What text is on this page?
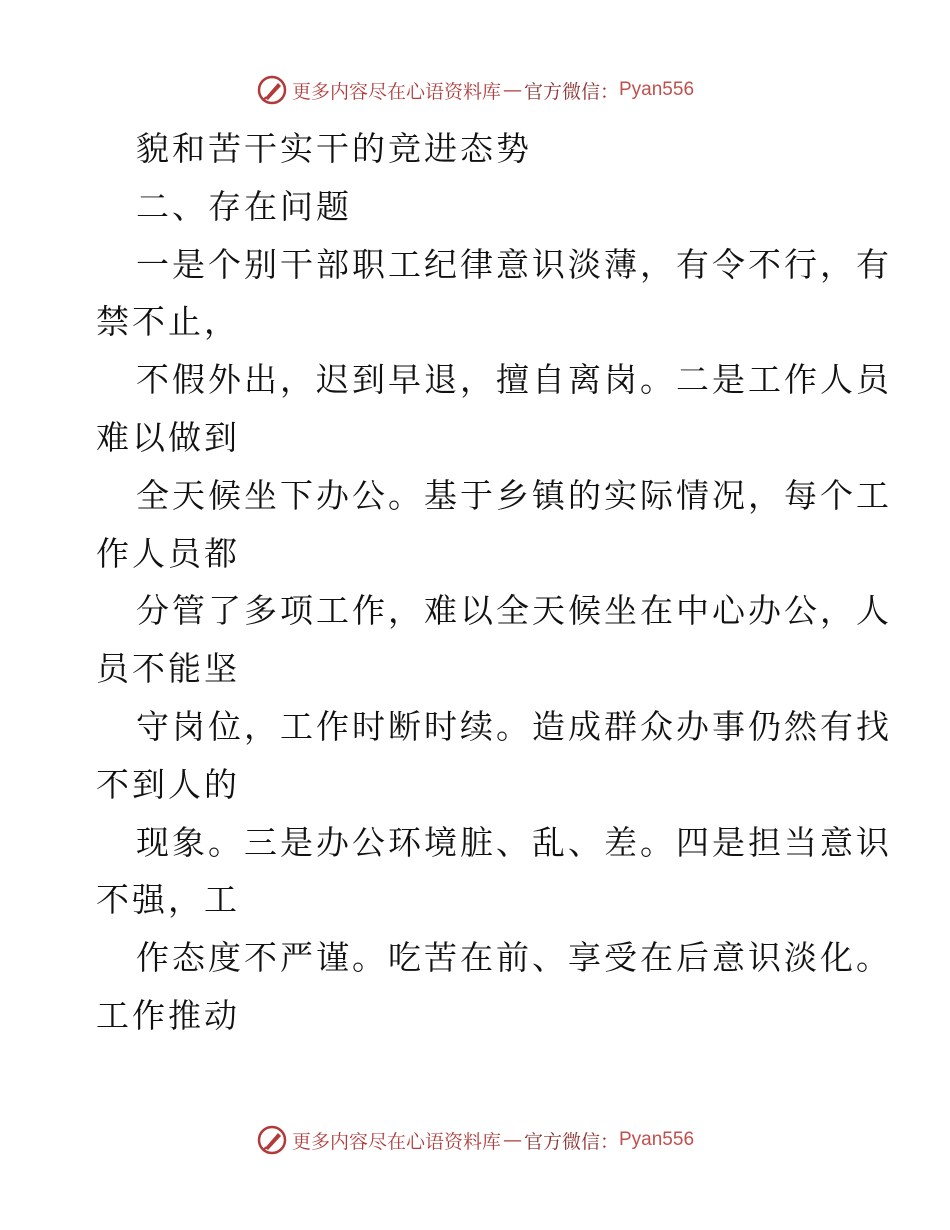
更多内容尽在心语资料库 — 官方微信： Pyan556
貌和苦干实干的竞进态势
二、存在问题
一是个别干部职工纪律意识淡薄，有令不行，有
禁不止，
不假外出，迟到早退，擅自离岗。二是工作人员
难以做到
全天候坐下办公。基于乡镇的实际情况，每个工
作人员都
分管了多项工作，难以全天候坐在中心办公，人
员不能坚
守岗位，工作时断时续。造成群众办事仍然有找
不到人的
现象。三是办公环境脏、乱、差。四是担当意识
不强，工
作态度不严谨。吃苦在前、享受在后意识淡化。
工作推动
更多内容尽在心语资料库 — 官方微信： Pyan556
